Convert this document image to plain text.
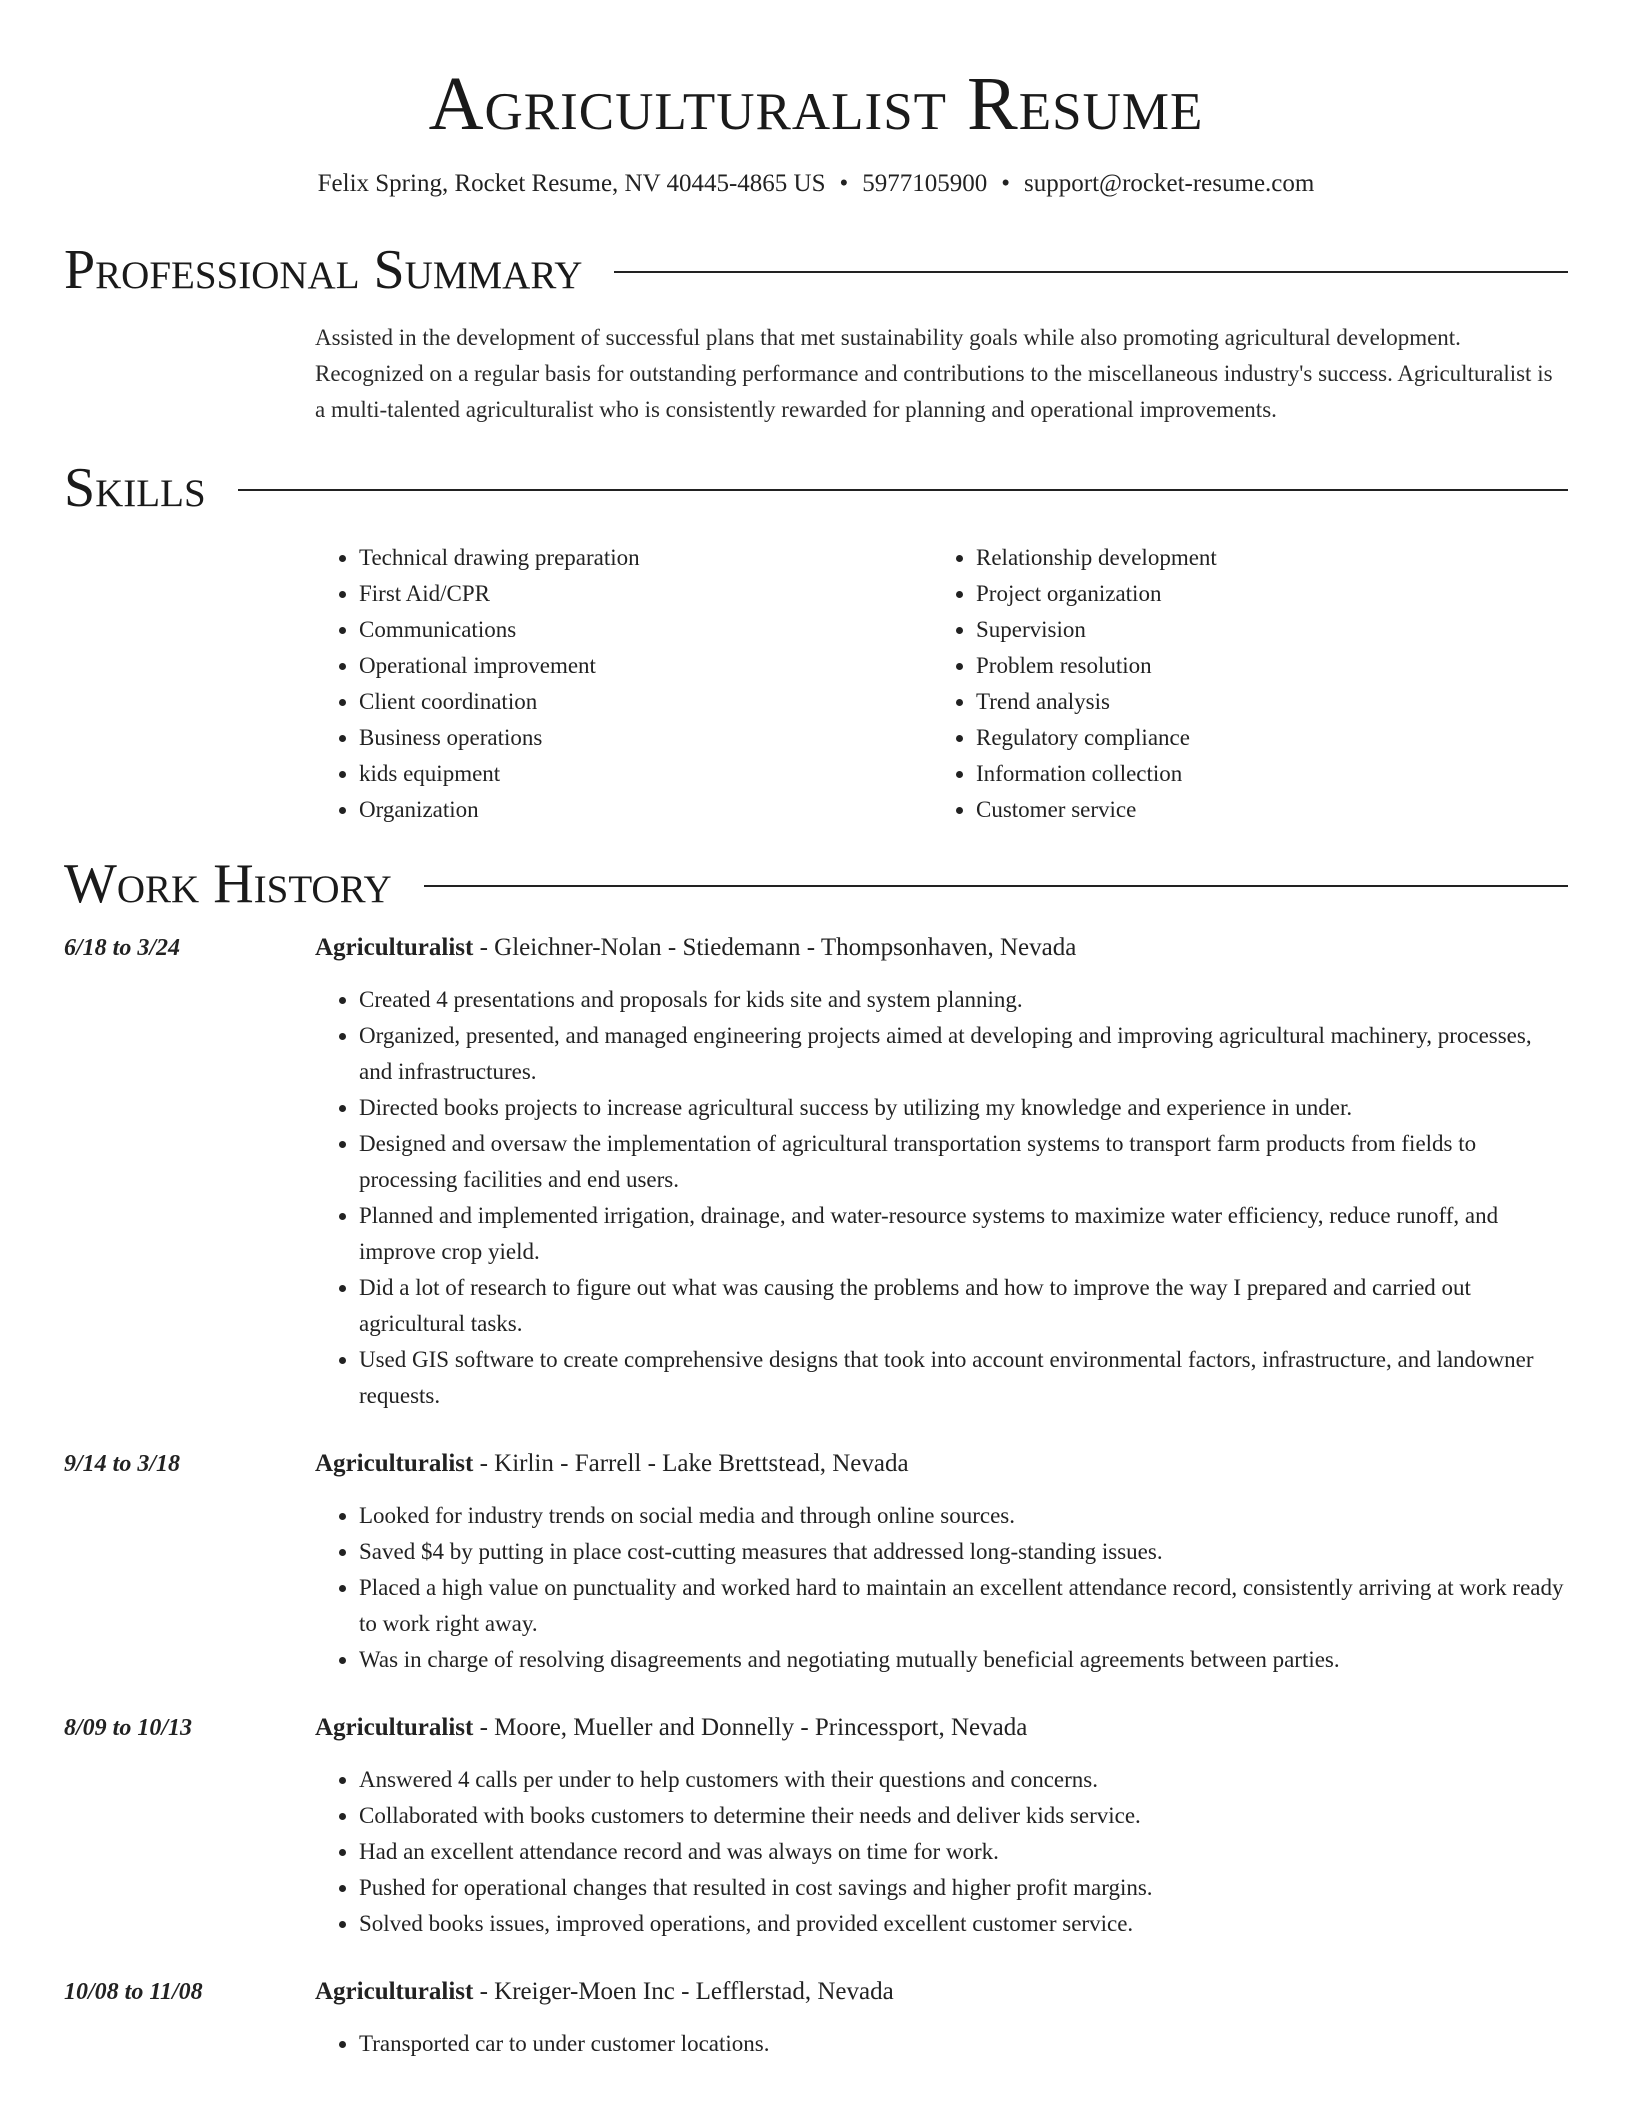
Agriculturalist Resume
Felix Spring, Rocket Resume, NV 40445-4865 US • 5977105900 • support@rocket-resume.com
Professional Summary
Assisted in the development of successful plans that met sustainability goals while also promoting agricultural development. Recognized on a regular basis for outstanding performance and contributions to the miscellaneous industry's success. Agriculturalist is a multi-talented agriculturalist who is consistently rewarded for planning and operational improvements.
Skills
• Technical drawing preparation
• First Aid/CPR
• Communications
• Operational improvement
• Client coordination
• Business operations
• kids equipment
• Organization
• Relationship development
• Project organization
• Supervision
• Problem resolution
• Trend analysis
• Regulatory compliance
• Information collection
• Customer service
Work History
6/18 to 3/24	Agriculturalist - Gleichner-Nolan - Stiedemann - Thompsonhaven, Nevada
• Created 4 presentations and proposals for kids site and system planning.
• Organized, presented, and managed engineering projects aimed at developing and improving agricultural machinery, processes, and infrastructures.
• Directed books projects to increase agricultural success by utilizing my knowledge and experience in under.
• Designed and oversaw the implementation of agricultural transportation systems to transport farm products from fields to processing facilities and end users.
• Planned and implemented irrigation, drainage, and water-resource systems to maximize water efficiency, reduce runoff, and improve crop yield.
• Did a lot of research to figure out what was causing the problems and how to improve the way I prepared and carried out agricultural tasks.
• Used GIS software to create comprehensive designs that took into account environmental factors, infrastructure, and landowner requests.
9/14 to 3/18	Agriculturalist - Kirlin - Farrell - Lake Brettstead, Nevada
• Looked for industry trends on social media and through online sources.
• Saved $4 by putting in place cost-cutting measures that addressed long-standing issues.
• Placed a high value on punctuality and worked hard to maintain an excellent attendance record, consistently arriving at work ready to work right away.
• Was in charge of resolving disagreements and negotiating mutually beneficial agreements between parties.
8/09 to 10/13	Agriculturalist - Moore, Mueller and Donnelly - Princessport, Nevada
• Answered 4 calls per under to help customers with their questions and concerns.
• Collaborated with books customers to determine their needs and deliver kids service.
• Had an excellent attendance record and was always on time for work.
• Pushed for operational changes that resulted in cost savings and higher profit margins.
• Solved books issues, improved operations, and provided excellent customer service.
10/08 to 11/08	Agriculturalist - Kreiger-Moen Inc - Lefflerstad, Nevada
• Transported car to under customer locations.
